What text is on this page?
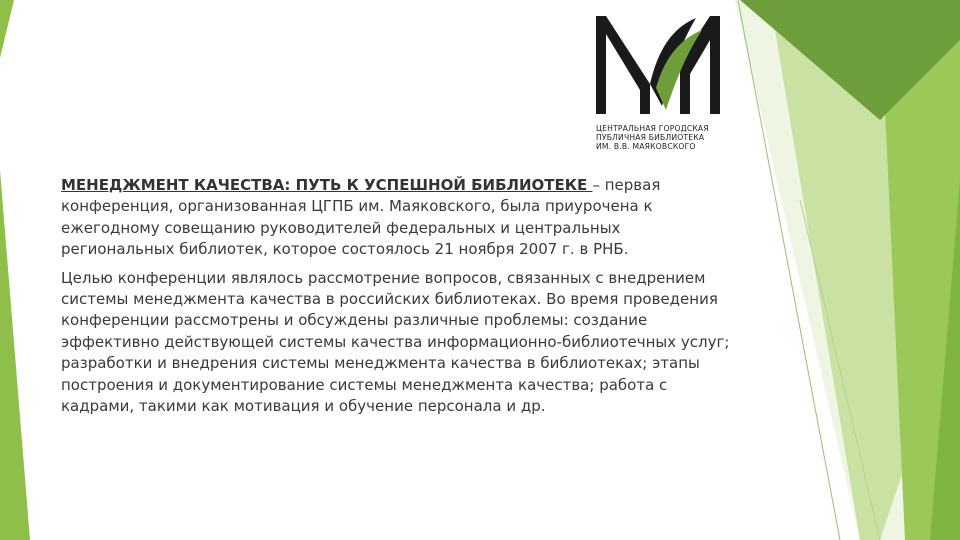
ЦЕНТРАЛЬНАЯ ГОРОДСКАЯ
ПУБЛИЧНАЯ БИБЛИОТЕКА
ИМ. В.В. МАЯКОВСКОГО

МЕНЕДЖМЕНТ КАЧЕСТВА: ПУТЬ К УСПЕШНОЙ БИБЛИОТЕКЕ – первая конференция, организованная ЦГПБ им. Маяковского, была приурочена к ежегодному совещанию руководителей федеральных и центральных региональных библиотек, которое состоялось 21 ноября 2007 г. в РНБ.

Целью конференции являлось рассмотрение вопросов, связанных с внедрением системы менеджмента качества в российских библиотеках. Во время проведения конференции рассмотрены и обсуждены различные проблемы: создание эффективно действующей системы качества информационно-библиотечных услуг; разработки и внедрения системы менеджмента качества в библиотеках; этапы построения и документирование системы менеджмента качества; работа с кадрами, такими как мотивация и обучение персонала и др.
